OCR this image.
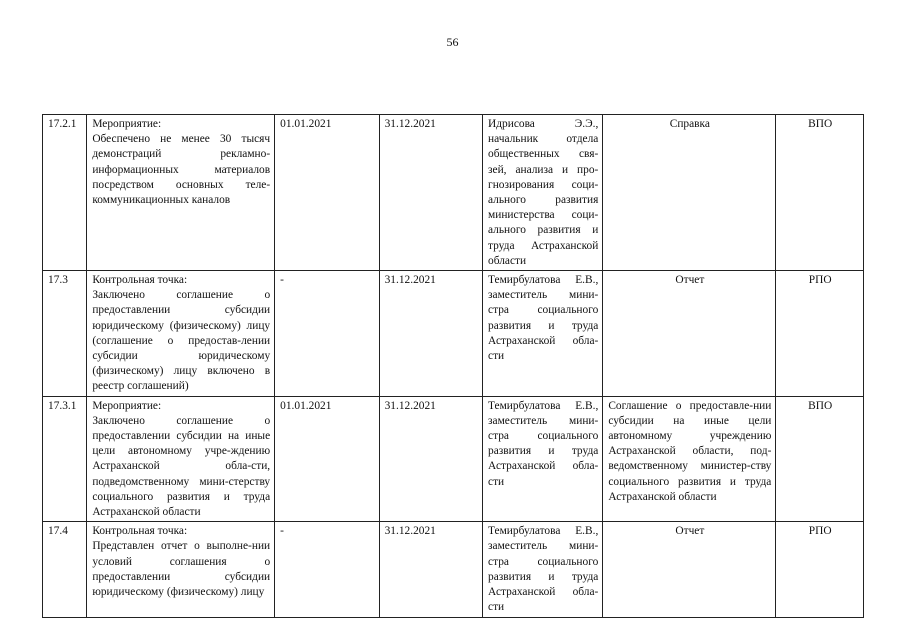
56
17.2.1	Мероприятие:
Обеспечено не менее 30 тысяч демонстраций рекламно-информационных материалов посредством основных теле-коммуникационных каналов	01.01.2021	31.12.2021	Идрисова Э.Э., начальник отдела общественных свя-зей, анализа и про-гнозирования соци-ального развития министерства соци-ального развития и труда Астраханской области	Справка	ВПО
17.3	Контрольная точка:
Заключено соглашение о предоставлении субсидии юридическому (физическому) лицу (соглашение о предостав-лении субсидии юридическому (физическому) лицу включено в реестр соглашений)	-	31.12.2021	Темирбулатова Е.В., заместитель мини-стра социального развития и труда Астраханской обла-сти	Отчет	РПО
17.3.1	Мероприятие:
Заключено соглашение о предоставлении субсидии на иные цели автономному учре-ждению Астраханской обла-сти, подведомственному мини-стерству социального развития и труда Астраханской области	01.01.2021	31.12.2021	Темирбулатова Е.В., заместитель мини-стра социального развития и труда Астраханской обла-сти	Соглашение о предоставле-нии субсидии на иные цели автономному учреждению Астраханской области, под-ведомственному министер-ству социального развития и труда Астраханской области	ВПО
17.4	Контрольная точка:
Представлен отчет о выполне-нии условий соглашения о предоставлении субсидии юридическому (физическому) лицу	-	31.12.2021	Темирбулатова Е.В., заместитель мини-стра социального развития и труда Астраханской обла-сти	Отчет	РПО
